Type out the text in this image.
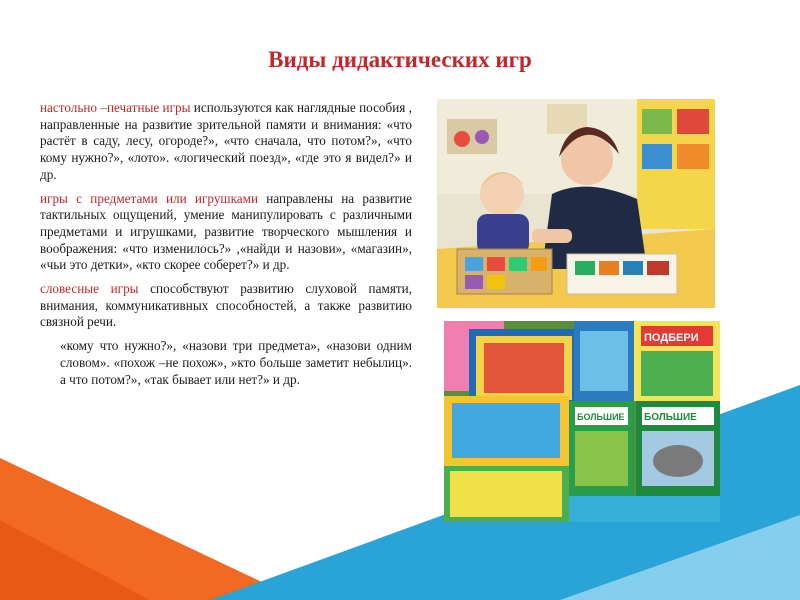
Виды дидактических игр

настольно –печатные игры используются как наглядные пособия , направленные на развитие зрительной памяти и внимания: «что растёт в саду, лесу, огороде?», «что сначала, что потом?», «что кому нужно?», «лото». «логический поезд», «где это я видел?» и др.

игры с предметами или игрушками направлены на развитие тактильных ощущений, умение манипулировать с различными предметами и игрушками, развитие творческого мышления и воображения: «что изменилось?» ,«найди и назови», «магазин», «чьи это детки», «кто скорее соберет?» и др.

словесные игры способствуют развитию слуховой памяти, внимания, коммуникативных способностей, а также развитию связной речи.

«кому что нужно?», «назови три предмета», «назови одним словом». «похож –не похож», »кто больше заметит небылиц». а что потом?», «так бывает или нет?» и др.

ПОДБЕРИ
БОЛЬШИЕ БОЛЬШИЕ
